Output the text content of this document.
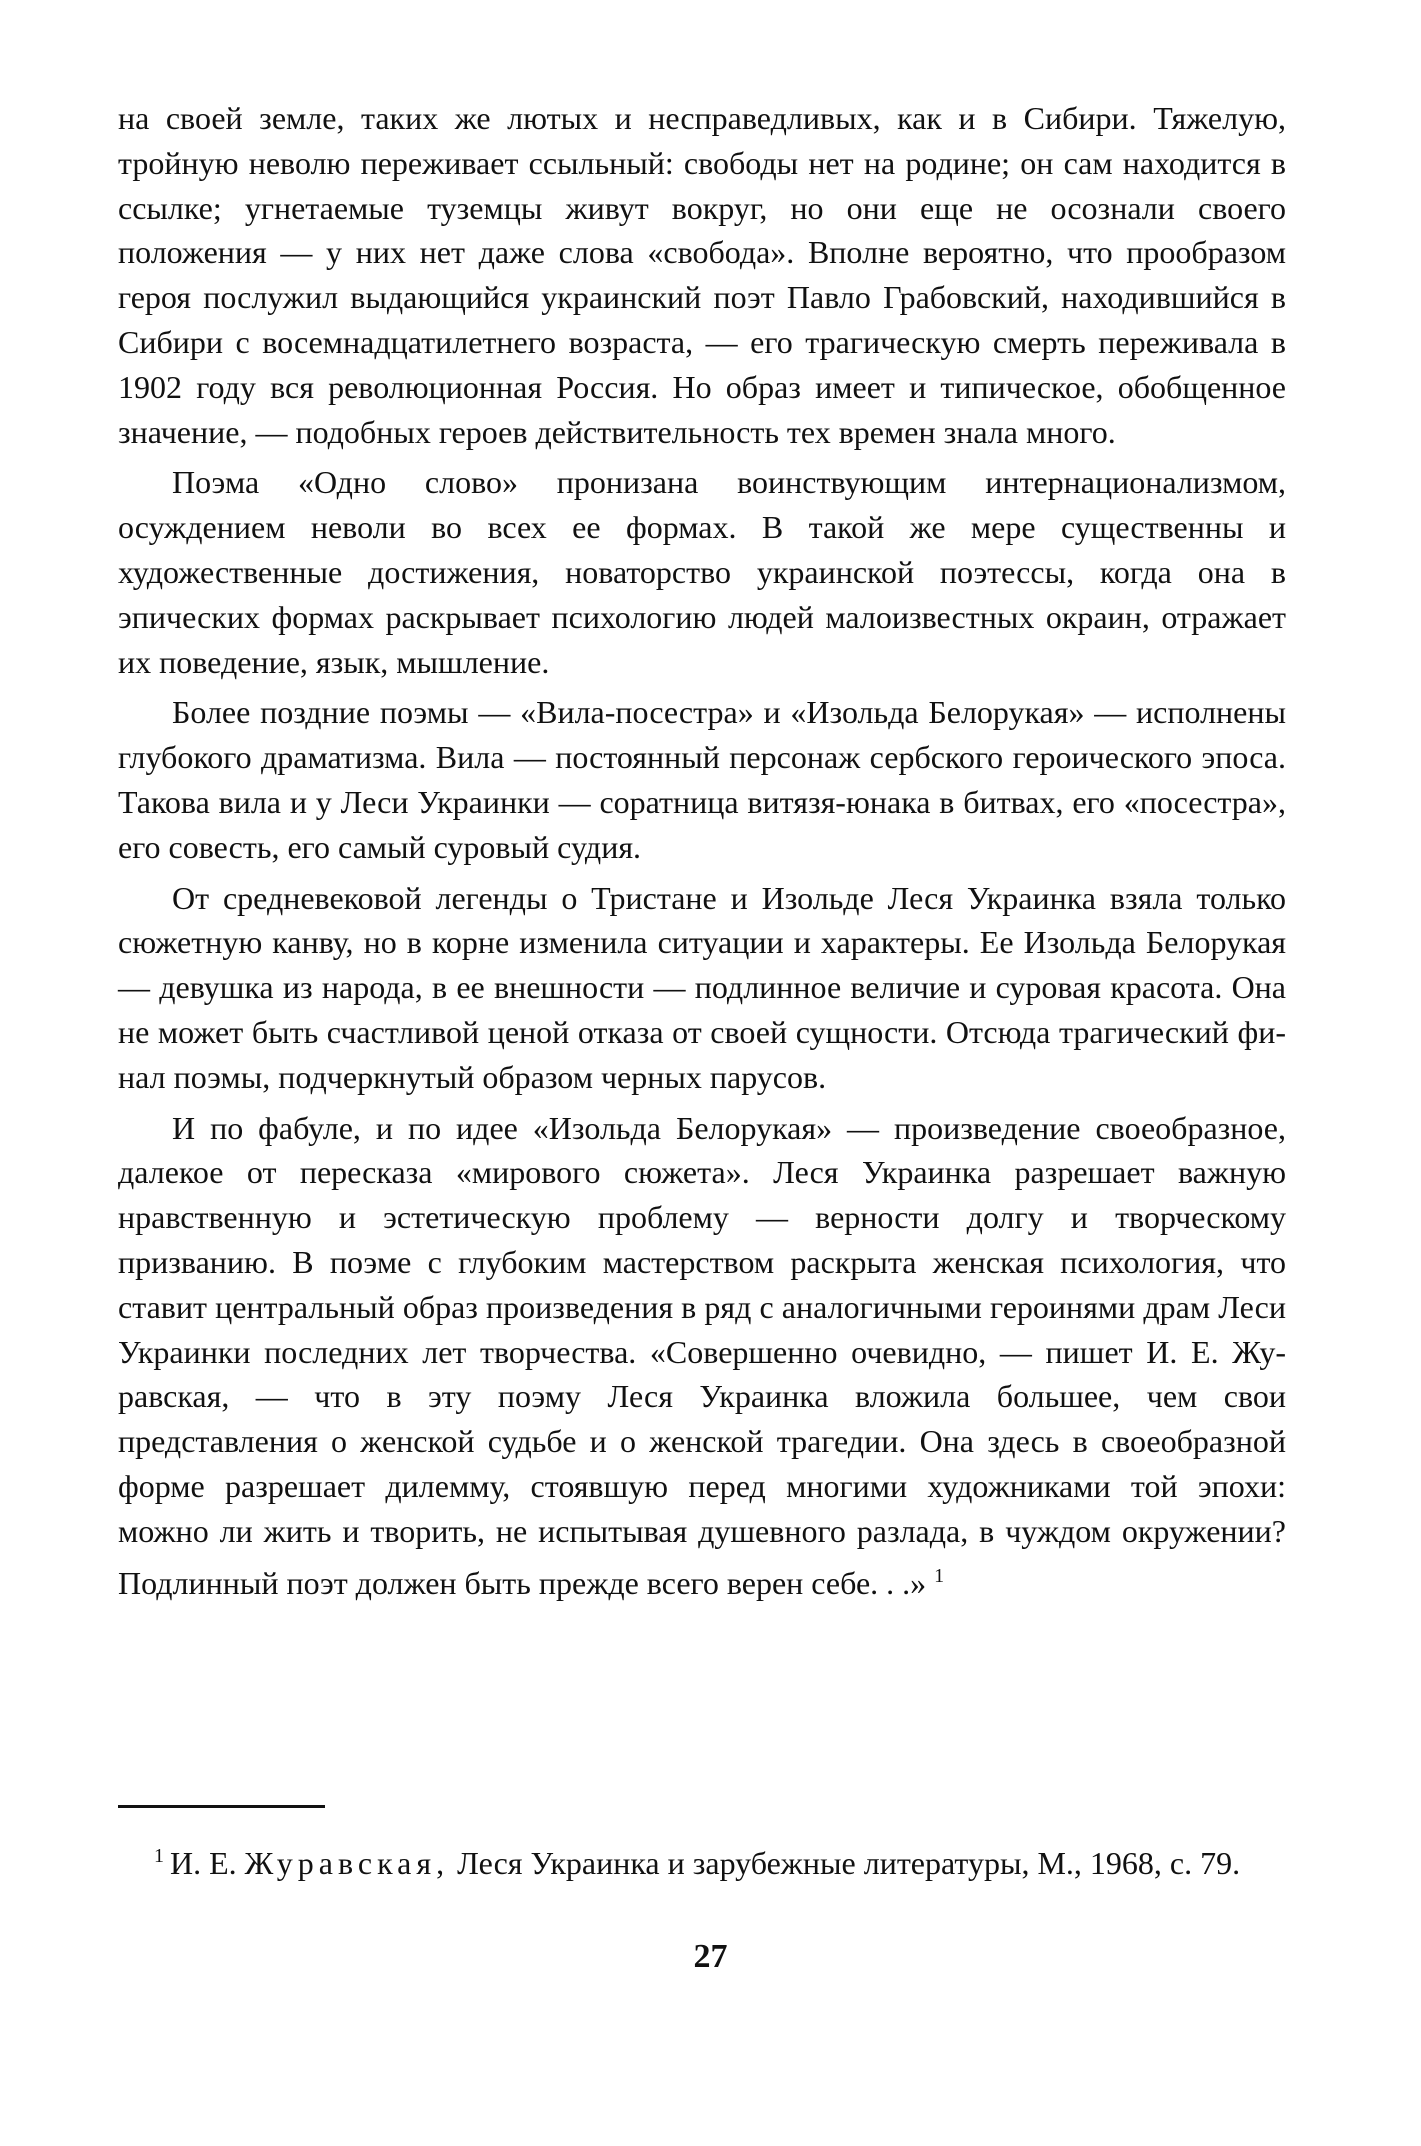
на своей земле, таких же лютых и несправедливых, как и в Сибири. Тяжелую, тройную неволю переживает ссыльный: свободы нет на родине; он сам находится в ссылке; угнетаемые туземцы живут вокруг, но они еще не осознали своего положения — у них нет даже слова «свобода». Вполне вероятно, что прообразом героя послужил выдающийся украинский поэт Павло Грабовский, находившийся в Сибири с восемнадцатилетнего возраста, — его трагическую смерть переживала в 1902 году вся революционная Россия. Но образ имеет и типическое, обобщенное значение, — подобных героев действительность тех времен знала много.

Поэма «Одно слово» пронизана воинствующим интернационализмом, осуждением неволи во всех ее формах. В такой же мере существенны и художественные достижения, новаторство украинской поэтессы, когда она в эпических формах раскрывает психологию людей малоизвестных окраин, отражает их поведение, язык, мышление.

Более поздние поэмы — «Вила-посестра» и «Изольда Белорукая» — исполнены глубокого драматизма. Вила — постоянный персонаж сербского героического эпоса. Такова вила и у Леси Украинки — соратница витязя-юнака в битвах, его «посестра», его совесть, его самый суровый судия.

От средневековой легенды о Тристане и Изольде Леся Украинка взяла только сюжетную канву, но в корне изменила ситуации и характеры. Ее Изольда Белорукая — девушка из народа, в ее внешности — подлинное величие и суровая красота. Она не может быть счастливой ценой отказа от своей сущности. Отсюда трагический финал поэмы, подчеркнутый образом черных парусов.

И по фабуле, и по идее «Изольда Белорукая» — произведение своеобразное, далекое от пересказа «мирового сюжета». Леся Украинка разрешает важную нравственную и эстетическую проблему — верности долгу и творческому призванию. В поэме с глубоким мастерством раскрыта женская психология, что ставит центральный образ произведения в ряд с аналогичными героинями драм Леси Украинки последних лет творчества. «Совершенно очевидно, — пишет И. Е. Журавская, — что в эту поэму Леся Украинка вложила большее, чем свои представления о женской судьбе и о женской трагедии. Она здесь в своеобразной форме разрешает дилемму, стоявшую перед многими художниками той эпохи: можно ли жить и творить, не испытывая душевного разлада, в чуждом окружении? Подлинный поэт должен быть прежде всего верен себе. . .» $^1$

$^1$ И. Е. Журавская, Леся Украинка и зарубежные литературы, М., 1968, с. 79.

27
